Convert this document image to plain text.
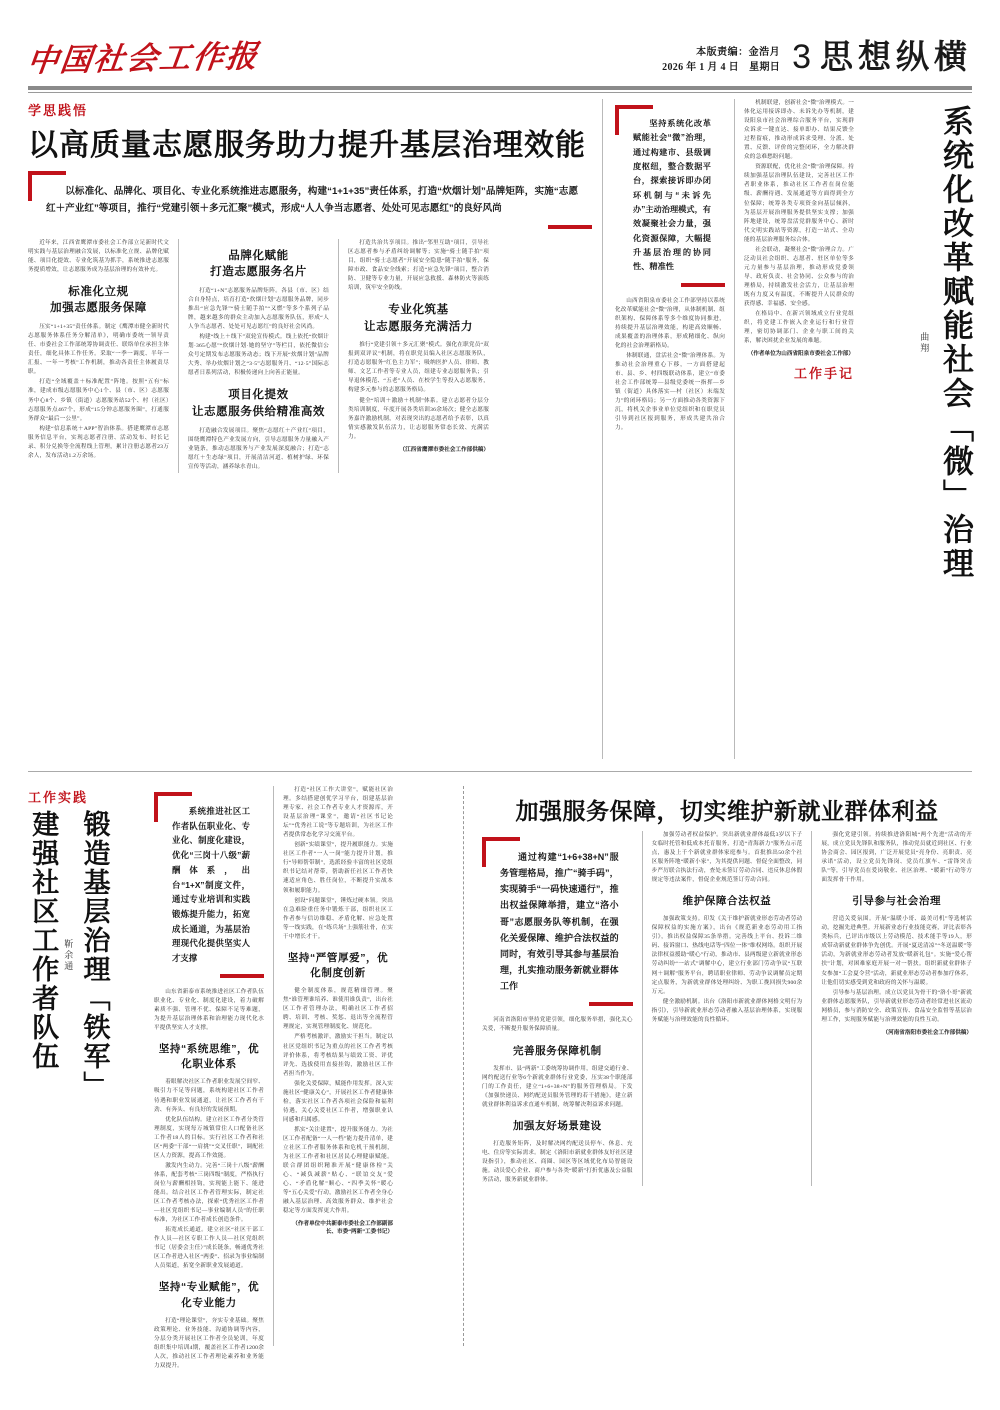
中国社会工作报	本版责编：金浩月
2026 年 1 月 4 日　星期日 3 思想纵横
学思践悟
以高质量志愿服务助力提升基层治理效能
以标准化、品牌化、项目化、专业化系统推进志愿服务，构建“1+1+35”责任体系，打造“炊烟计划”品牌矩阵，实施“志愿红＋产业红”等项目，推行“党建引领＋多元汇聚”模式，形成“人人争当志愿者、处处可见志愿红”的良好风尚

近年来，江西省鹰潭市委社会工作部立足新时代文明实践与基层治理融合发展，以标准化立规、品牌化赋能、项目化提效、专业化筑基为抓手，系统推进志愿服务提质增效，让志愿服务成为基层治理的有效补充。

标准化立规
加强志愿服务保障

压实“1+1+35”责任体系。制定《鹰潭市健全新时代志愿服务体系任务分解清单》，明确市委统一领导责任、市委社会工作部统筹协调责任、联络单位承担主体责任，细化具体工作任务。采取“一季一调度、半年一汇报、一年一考核”工作机制，推动各责任主体履责尽职。

打造“全域覆盖＋标准配置”阵地。按照“五有”标准，建成市级志愿服务中心1个、县（市、区）志愿服务中心8个、乡镇（街道）志愿服务站52个、村（社区）志愿服务点467个，形成“15分钟志愿服务圈”，打通服务群众“最后一公里”。

构建“信息系统＋APP”智治体系。搭建鹰潭市志愿服务信息平台，实现志愿者注册、活动发布、时长记录、积分兑换等全流程线上管理，累计注册志愿者23万余人，发布活动1.2万余场。

品牌化赋能
打造志愿服务名片

打造“1+N”志愿服务品牌矩阵。各县（市、区）结合自身特点，培育打造“炊烟计划”志愿服务品牌，同步推出“应急先锋”“骑士随手拍”“又燃”等多个系列子品牌，越来越多的群众主动加入志愿服务队伍，形成“人人争当志愿者、处处可见志愿红”的良好社会风尚。

构建“线上＋线下”双轮宣传模式。线上依托“炊烟计划·365心愿”“炊烟计划·她的坚守”等栏目，依托微信公众号定期发布志愿服务动态；线下开展“炊烟计划”品牌大秀、举办炊烟计划之“3·5”志愿服务月、“12·5”国际志愿者日系列活动，积极传递向上向善正能量。

项目化提效
让志愿服务供给精准高效

打造融合发展项目。聚焦“志愿红＋产业红”项目，围绕鹰潭特色产业发展方向，引导志愿服务力量融入产业链条，推动志愿服务与产业发展深度融合；打造“志愿红＋生态绿”项目，开展清洁河道、植树护绿、环保宣传等活动，涵养绿水青山。

打造共治共享项目。推出“邻里互助”项目，引导社区志愿者参与矛盾纠纷调解等；实施“骑士随手拍”项目，组织“骑士志愿者”开展安全隐患“随手拍”服务，保障市政、食品安全线索；打造“应急先锋”项目，整合消防、卫健等专业力量，开展应急救援、森林防火等演练培训，筑牢安全防线。

专业化筑基
让志愿服务充满活力

推行“党建引领＋多元汇聚”模式。强化在职党员“双报到双评议”机制，将在职党员编入社区志愿服务队，打造志愿服务“红色主力军”；吸纳医护人员、律师、教师、文艺工作者等专业人员，组建专业志愿服务队；引导退休模范、“五老”人员、在校学生等投入志愿服务，构建多元参与的志愿服务格局。

健全“培训＋激励＋机制”体系。建立志愿者分层分类培训制度，年度开展各类培训36余场次；健全志愿服务嘉许激励机制，对表现突出的志愿者给予表彰，以真情实感激发队伍活力，让志愿服务常态长效、充满活力。

（江西省鹰潭市委社会工作部供稿）
坚持系统化改革赋能社会“微”治理，通过构建市、县级调度枢纽，整合数据平台，探索接诉即办闭环机制与“未诉先办”主动治理模式，有效凝聚社会力量，强化资源保障，大幅提升基层治理的协同性、精准性

山西省阳泉市委社会工作部坚持以系统化改革赋能社会“微”治理，从体制机制、组织架构、保障体系等多个维度协同推进，持续提升基层治理效能，构建高效顺畅、成果覆盖的治理体系，形成精细化、纵向化的社会治理新格局。

体制联通，盘活社会“微”治理体系。为推动社会治理重心下移，一方面搭建起市、县、乡、村四级联动体系，建立“市委社会工作部统筹—县级党委统一指挥—乡镇（街道）具体落实—村（社区）末端发力”的闭环格局；另一方面推动各类资源下沉，将机关企事业单位党组织和在职党员引导到社区报到服务，形成共建共治合力。

机制联建，创新社会“微”治理模式。一体化运用接诉即办、未诉先办等机制，建设阳泉市社会治理综合服务平台，实现群众诉求一键直达、接单即办、结果反馈全过程留痕，推动形成诉求受理、分派、处置、反馈、评价的完整闭环，全力解决群众的急难愁盼问题。

资源联配，优化社会“微”治理保障。持续加强基层治理队伍建设，完善社区工作者职业体系，推动社区工作者在岗位能级、薪酬待遇、发展通道等方面得到全方位保障；统筹各类专项资金向基层倾斜，为基层开展治理服务提供坚实支撑；加强阵地建设，统筹盘活党群服务中心、新时代文明实践站等资源，打造一站式、全功能的基层治理服务综合体。

社会联动，凝聚社会“微”治理合力。广泛动员社会组织、志愿者、驻区单位等多元力量参与基层治理，推动形成党委领导、政府负责、社会协同、公众参与的治理格局，持续激发社会活力，让基层治理既有力度又有温度，不断提升人民群众的获得感、幸福感、安全感。

在格局中、在新兴领域成立行业党组织，将党建工作嵌入企业运行和行业管理，密切协调部门、企业与职工间的关系，解决困扰企业发展的难题。

（作者单位为山西省阳泉市委社会工作部）
工作手记
曲翔 系统化改革赋能社会「微」治理
工作实践
建强社区工作者队伍 靳余通 锻造基层治理「铁军」	系统推进社区工作者队伍职业化、专业化、制度化建设，优化“三岗十八级”薪酬体系，出台“1+X”制度文件，通过专业培训和实践锻炼提升能力，拓宽成长通道，为基层治理现代化提供坚实人才支撑

山东省新泰市系统推进社区工作者队伍职业化、专业化、制度化建设，着力破解素质不强、管理不优、保障不足等难题，为提升基层治理体系和治理能力现代化水平提供坚实人才支撑。

坚持“系统思维”，优化职业体系

着眼解决社区工作者职业发展空间窄、吸引力不足等问题，系统构建社区工作者待遇和职业发展通道，让社区工作者有干劲、有奔头、有良好的发展预期。

优化队伍结构。建立社区工作者分类管理制度，实现每万城镇常住人口配备社区工作者18人的目标。实行社区工作者和社区“两委”干部“一肩挑”“交叉任职”，调配社区人力资源，提高工作效能。

激发内生动力。完善“三岗十八级”薪酬体系，配套考核“三岗四级”制度，严格执行岗位与薪酬相挂钩，实现能上能下、能进能出。结合社区工作者管理实际，制定社区工作者考核办法，探索“优秀社区工作者—社区党组织书记—事业编制人员”的任职标准，为社区工作者成长创造条件。

拓宽成长通道。建立社区“社区干部工作人员—社区专职工作人员—社区党组织书记（居委会主任）”成长链条，畅通优秀社区工作者进入社区“两委”、招录为事业编制人员渠道，拓宽全新职业发展通道。

坚持“专业赋能”，优化专业能力

打造“理论课堂”，夯实专业基础。聚焦政策理论、业务技能、沟通协调等内容，分层分类开展社区工作者全员轮训，年度组织集中培训4期，覆盖社区工作者1200余人次，推动社区工作者理论素养和业务能力双提升。

打造“社区工作大讲堂”，赋能社区治理。多结搭建创优学习平台，组建基层治理专家、社会工作者专业人才资源库，开设基层治理“课堂”，邀请“社区书记论坛”“优秀社工说”等专题培训，为社区工作者提供常态化学习交流平台。

创新“实绩课堂”，提升履职能力。实施社区工作者“一人一岗”能力提升计划，推行“导师帮带制”，选派经验丰富的社区党组织书记结对帮带，帮助新任社区工作者快速适应角色、胜任岗位，不断提升实战本领和履职能力。

创设“问题课堂”，锤炼过硬本领。突出在急难险重任务中锻炼干部，组织社区工作者参与信访维稳、矛盾化解、应急处置等一线实践，在“练兵场”上强筋壮骨，在实干中增长才干。

坚持“严管厚爱”，优化制度创新

健全制度体系，规范精细管理。聚焦“谁管理谁培养、谁使用谁负责”，出台社区工作者管理办法，明确社区工作者招聘、培训、考核、奖惩、退出等全流程管理规定，实现管理制度化、规范化。

严格考核激评，激励实干担当。制定以社区党组织书记为重点的社区工作者考核评价体系，将考核结果与绩效工资、评优评先、选拔使用直接挂钩，激励社区工作者担当作为。

强化关爱保障，赋能作用发挥。深入实施社区“健康关心”，开展社区工作者健康体检，落实社区工作者各项社会保险和福利待遇，关心关爱社区工作者，增强职业认同感和归属感。

抓实“关注建置”，提升服务能力。为社区工作者配备“一人一档”能力提升清单，建立社区工作者服务体系和危机干预机制，为社区工作者和社区居民心理健康赋能。联合群团组织精准开展“健康体检”关心、“减负减薪”贴心、“联谊交友”爱心、“矛盾化解”顺心、“四季关怀”暖心等“五心关爱”行动，激励社区工作者全身心融入基层治理、高效服务群众、维护社会稳定等方面发挥更大作用。

（作者单位中共新泰市委社会工作部副部长、市委“两新”工委书记）
加强服务保障，切实维护新就业群体利益
通过构建“1+6+38+N”服务管理格局，推广“骑手码”，实现骑手“一码快速通行”，推出权益保障举措，建立“洛小哥”志愿服务队等机制，在强化关爱保障、维护合法权益的同时，有效引导其参与基层治理，扎实推动服务新就业群体工作

河南省洛阳市坚持党建引领，细化服务举措，强化关心关爱，不断提升服务保障质量。

完善服务保障机制

发挥市、县“两新”工委统筹协调作用，组建交通行业、网约配送行业等6个新就业群体行业党委，压实38个职能部门的工作责任，建立“1+6+38+N”的服务管理格局。下发《加强快递员、网约配送员服务管理的若干措施》，建立新就业群体利益诉求直通车机制，统筹解决利益诉求问题。

加强友好场景建设

打造服务矩阵，及时解决网约配送员停车、休息、充电、住房等实际需求。制定《洛阳市新就业群体友好社区建设指引》，推动社区、商圈、园区等区域优化布局智能设施。动员爱心企业、商户参与各类“暖新”打折优惠及公益服务活动，服务新就业群体。

加强劳动者权益保护。突出新就业群体最低3岁以下子女临时托管和低成本托育服务，打造“青海新力”服务点示范点，惠及上千个新就业群体家庭参与。首批推出50余个社区服务阵地“暖新小家”，为其提供问题、督促全面整改，同步严厉联合执法行动，查处未签订劳动合同、违反休息休假规定等违法案件，督促企业规范签订劳动合同。

维护保障合法权益

加强政策支持。印发《关于维护新就业形态劳动者劳动保障权益的实施方案》，出台《规范新业态劳动用工指引》，推出权益保障35条举措。完善线上平台、投诉二维码、接诉窗口、热线电话等“四位一体”维权网络。组织开展法律权益援助“暖心”行动，推动市、县两级建立新就业形态劳动纠纷“一站式”调解中心，建立行业部门劳动争议“互联网＋调解”服务平台，聘请职业律师、劳动争议调解员定期定点服务，为新就业群体处理纠纷、为职工挽回损失900余万元。

健全激励机制。出台《洛阳市新就业群体网格文明行为指引》，引导新就业形态劳动者融入基层治理体系，实现服务赋能与治理效能的良性循环。

强化党建引领。持续推进洛阳城“两个先进”活动的开展，成立党员先锋队和服务队，推动党员就近到社区、行业协会商会、园区报到，广泛开展党员“亮身份、亮职责、亮承诺”活动，设立党员先锋岗、党员红旗车、“雷锋突击队”等，引导党员在爱岗敬业、社区治理、“暖新”行动等方面发挥骨干作用。

引导参与社会治理

营造关爱氛围。开展“温暖小哥、最美司机”等选树活动，挖掘先进典型。开展新业态行业技能竞赛，评比表彰各类标兵，已评出市级以上劳动模范、技术能手等19人，形成带动新就业群体争先创优。开展“夏送清凉”“冬送温暖”等活动，为新就业形态劳动者发放“暖新礼包”。实施“爱心帮扶”计划，对困难家庭开展一对一帮扶。组织新就业群体子女参加“工会夏令营”活动，新就业形态劳动者参加疗休养，让他们切实感受到党和政府的关怀与温暖。

引导参与基层治理。成立以党员为骨干的“洛小哥”新就业群体志愿服务队，引导新就业形态劳动者经常进社区流动网格员，参与消防安全、政策宣传、食品安全监督等基层治理工作，实现服务赋能与治理效能的良性互动。

（河南省洛阳市委社会工作部供稿）
